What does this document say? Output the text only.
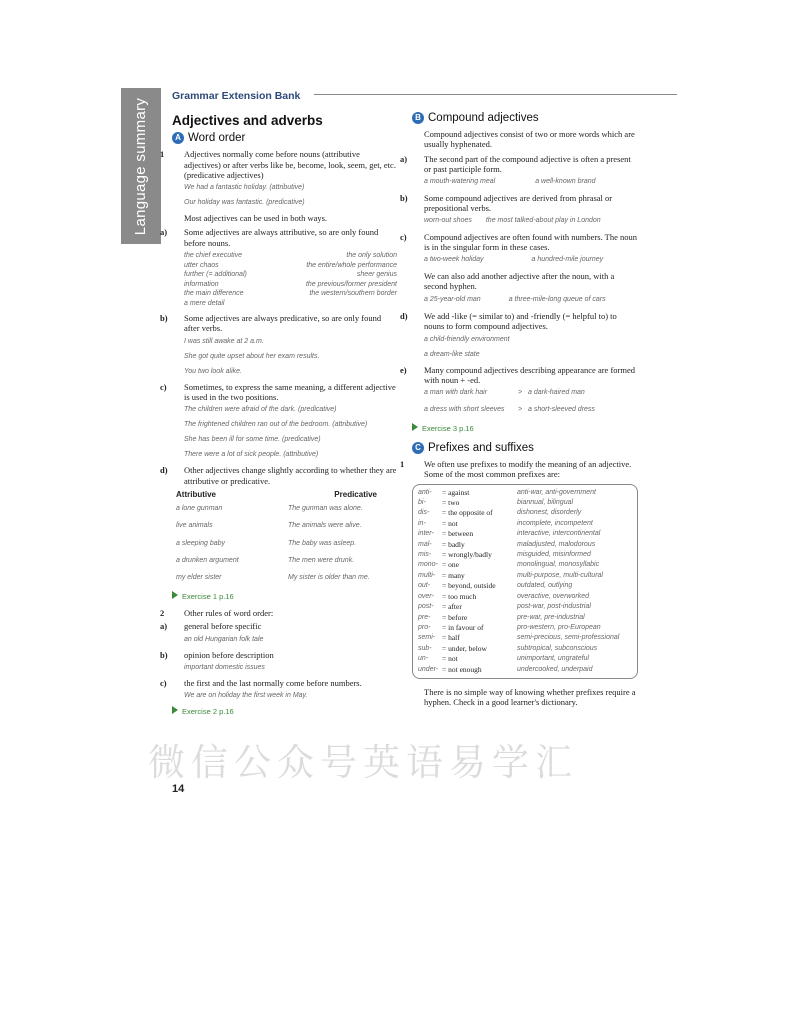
Language summary
Grammar Extension Bank
Adjectives and adverbs
A Word order

1 Adjectives normally come before nouns (attributive adjectives) or after verbs like be, become, look, seem, get, etc. (predicative adjectives)

We had a fantastic holiday. (attributive)
Our holiday was fantastic. (predicative)

Most adjectives can be used in both ways.

a) Some adjectives are always attributive, so are only found before nouns.

the chief executive	the only solution
utter chaos	the entire/whole performance
further (= additional)	sheer genius
information	the previous/former president
the main difference	the western/southern border
a mere detail

b) Some adjectives are always predicative, so are only found after verbs.

I was still awake at 2 a.m.
She got quite upset about her exam results.
You two look alike.

c) Sometimes, to express the same meaning, a different adjective is used in the two positions.

The children were afraid of the dark. (predicative)
The frightened children ran out of the bedroom. (attributive)
She has been ill for some time. (predicative)
There were a lot of sick people. (attributive)

d) Other adjectives change slightly according to whether they are attributive or predicative.

Attributive	Predicative
a lone gunman	The gunman was alone.
live animals	The animals were alive.
a sleeping baby	The baby was asleep.
a drunken argument	The men were drunk.
my elder sister	My sister is older than me.
Exercise 1 p.16

2 Other rules of word order:

a) general before specific

an old Hungarian folk tale

b) opinion before description

important domestic issues

c) the first and the last normally come before numbers.

We are on holiday the first week in May.
Exercise 2 p.16
B Compound adjectives

Compound adjectives consist of two or more words which are usually hyphenated.

a) The second part of the compound adjective is often a present or past participle form.

a mouth-watering meal	a well-known brand

b) Some compound adjectives are derived from phrasal or prepositional verbs.

worn-out shoes the most talked-about play in London

c) Compound adjectives are often found with numbers. The noun is in the singular form in these cases.

a two-week holiday	a hundred-mile journey

We can also add another adjective after the noun, with a second hyphen.

a 25-year-old man	a three-mile-long queue of cars

d) We add -like (= similar to) and -friendly (= helpful to) to nouns to form compound adjectives.

a child-friendly environment
a dream-like state

e) Many compound adjectives describing appearance are formed with noun + -ed.

a man with dark hair	> a dark-haired man
a dress with short sleeves	> a short-sleeved dress
Exercise 3 p.16
C Prefixes and suffixes

1 We often use prefixes to modify the meaning of an adjective. Some of the most common prefixes are:

anti-	= against	anti-war, anti-government
bi-	= two	biannual, bilingual
dis-	= the opposite of	dishonest, disorderly
in-	= not	incomplete, incompetent
inter-	= between	interactive, intercontinental
mal-	= badly	maladjusted, malodorous
mis-	= wrongly/badly	misguided, misinformed
mono- = one	monolingual, monosyllabic
multi- = many	multi-purpose, multi-cultural
out-	= beyond, outside	outdated, outlying
over-	= too much	overactive, overworked
post-	= after	post-war, post-industrial
pre-	= before	pre-war, pre-industrial
pro-	= in favour of	pro-western, pro-European
semi- = half	semi-precious, semi-professional
sub-	= under, below	subtropical, subconscious
un-	= not	unimportant, ungrateful
under- = not enough	undercooked, underpaid

There is no simple way of knowing whether prefixes require a hyphen. Check in a good learner's dictionary.

14
微信公众号英语易学汇
